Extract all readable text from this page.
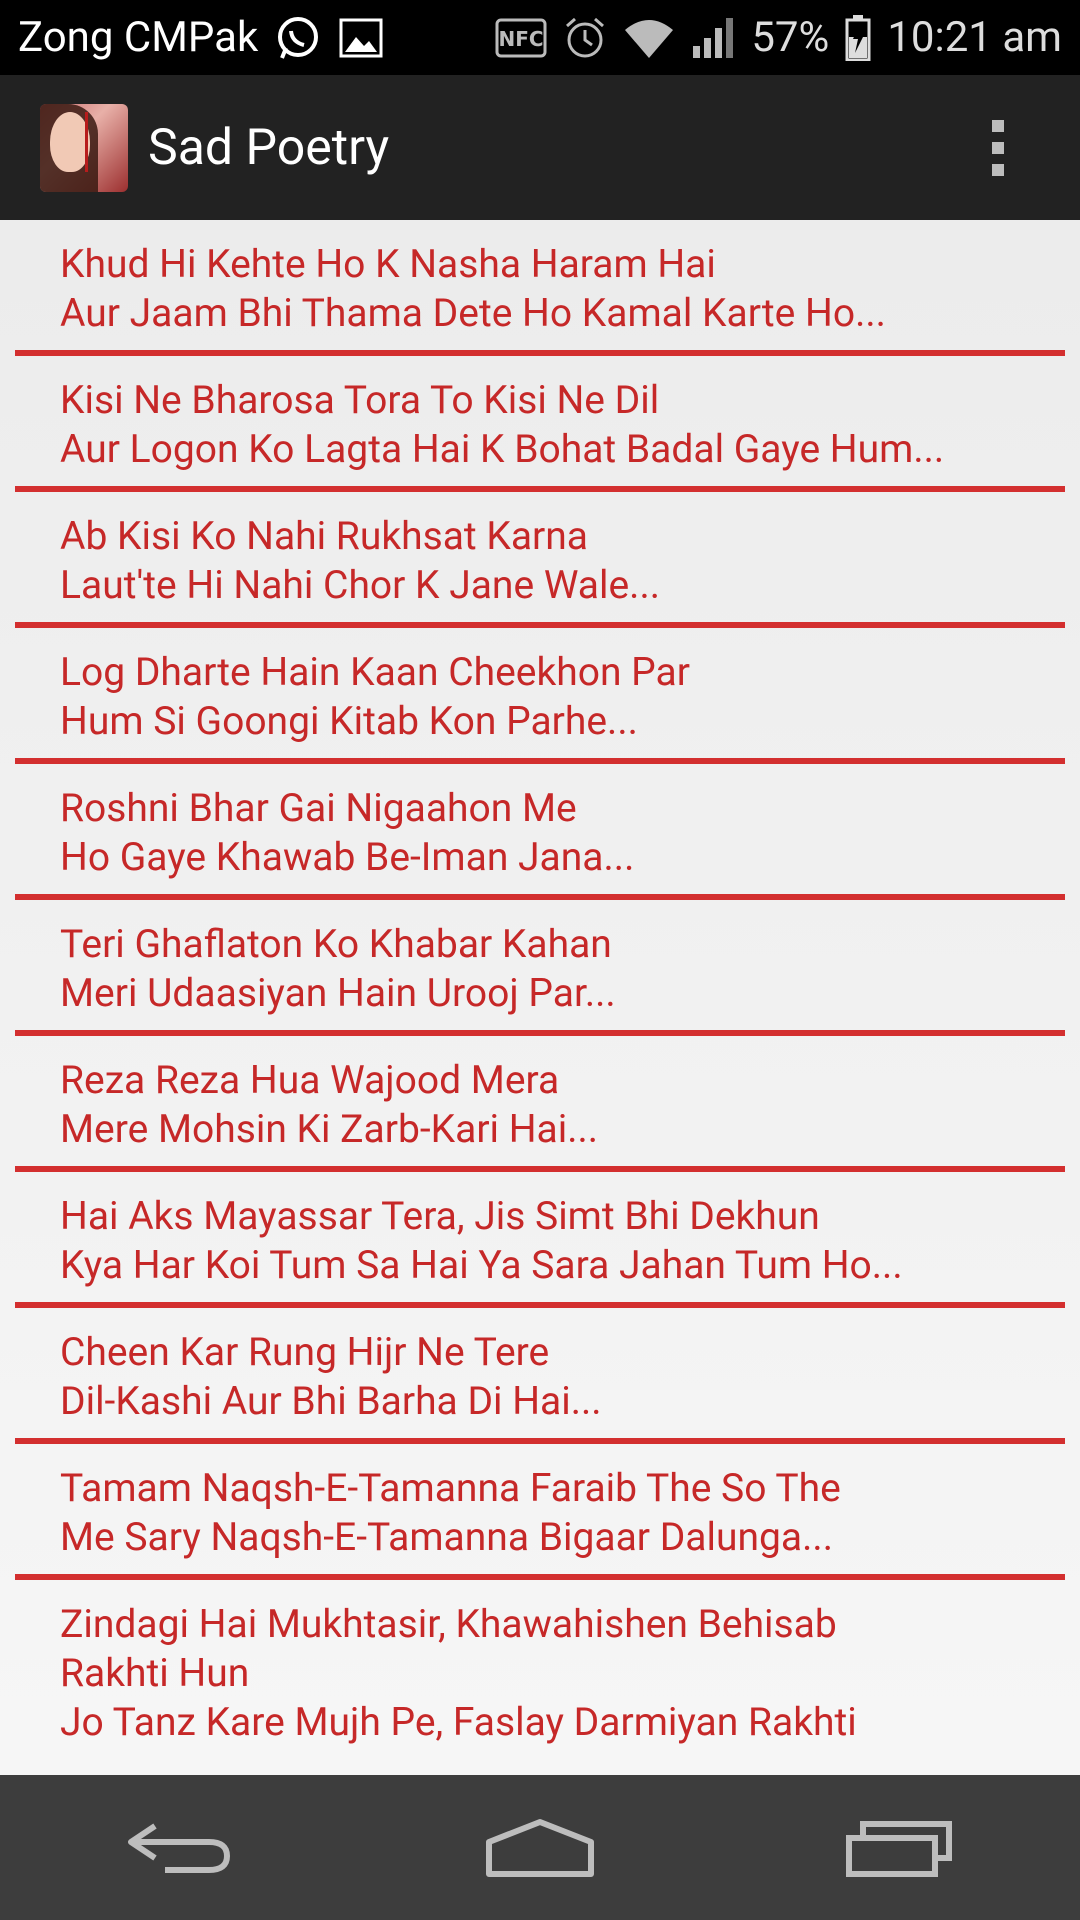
Zong CMPak	NFC	57% 10:21 am
Sad Poetry
Khud Hi Kehte Ho K Nasha Haram Hai
Aur Jaam Bhi Thama Dete Ho Kamal Karte Ho...
Kisi Ne Bharosa Tora To Kisi Ne Dil
Aur Logon Ko Lagta Hai K Bohat Badal Gaye Hum...
Ab Kisi Ko Nahi Rukhsat Karna
Laut'te Hi Nahi Chor K Jane Wale...
Log Dharte Hain Kaan Cheekhon Par
Hum Si Goongi Kitab Kon Parhe...
Roshni Bhar Gai Nigaahon Me
Ho Gaye Khawab Be-Iman Jana...
Teri Ghaflaton Ko Khabar Kahan
Meri Udaasiyan Hain Urooj Par...
Reza Reza Hua Wajood Mera
Mere Mohsin Ki Zarb-Kari Hai...
Hai Aks Mayassar Tera, Jis Simt Bhi Dekhun
Kya Har Koi Tum Sa Hai Ya Sara Jahan Tum Ho...
Cheen Kar Rung Hijr Ne Tere
Dil-Kashi Aur Bhi Barha Di Hai...
Tamam Naqsh-E-Tamanna Faraib The So The
Me Sary Naqsh-E-Tamanna Bigaar Dalunga...
Zindagi Hai Mukhtasir, Khawahishen Behisab
Rakhti Hun
Jo Tanz Kare Mujh Pe, Faslay Darmiyan Rakhti
